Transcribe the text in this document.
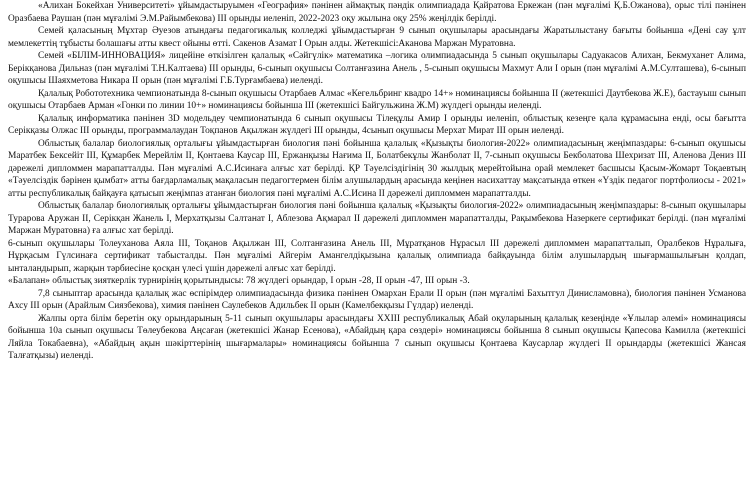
«Алихан Бокейхан Университеті» ұйымдастыруымен «География» пәнінен аймақтық пәндік олимпиадада Қайратова Еркежан (пән мұғалімі Қ.Б.Ожанова), орыс тілі пәнінен Оразбаева Раушан (пән мұғалімі Э.М.Райымбекова) III орынды иеленіп, 2022-2023 оқу жылына оқу 25% жеңілдік берілді.

Семей қаласының Мұхтар Әуезов атындағы педагогикалық колледжі ұйымдастырған 9 сынып оқушылары арасындағы Жаратылыстану бағыты бойынша «Дені сау ұлт мемлекеттің тұбысты болашағы атты квест ойыны өтті. Сакенов Азамат I Орын алды. Жетекшісі:Аканова Маржан Муратовна.

Семей «БІЛІМ-ИННОВАЦИЯ» лицейіне өткізілген қалалық «Сәйгүлік» математика –логика олимпиадасында 5 сынып оқушылары Садуакасов Алихан, Бекмуханет Алима, Берікқанова Дильназ (пән мұғалімі Т.Н.Калтаева) III орынды, 6-сынып оқушысы Солтанғазина Анель , 5-сынып оқушысы Махмут Али I орын (пән мұғалімі А.М.Султашева), 6-сынып оқушысы Шаяхметова Никара II орын (пән мұғалімі Г.Б.Турғамбаева) иеленді.

Қалалық Робототехника чемпионатында 8-сынып оқушысы Отарбаев Алмас «Кегельбринг квадро 14+» номинациясы бойынша II (жетекшісі Даутбекова Ж.Е), бастауыш сынып оқушысы Отарбаев Арман «Гонки по линии 10+» номинациясы бойынша III (жетекшісі Байгульжина Ж.М) жүлдегі орынды иеленді.

Қалалық информатика пәнінен 3D модельдеу чемпионатында 6 сынып оқушысы Тілеқұлы Амир I орынды иеленіп, облыстық кезеңге қала құрамасына енді, осы бағытта Серікқазы Олжас III орынды, программалаудан Тоқпанов Ақылжан жүлдегі III орынды, 4сынып оқушысы Мерхат Мират III орын иеленді.

Облыстық балалар биологиялық орталығы ұйымдастырған биология пәні бойынша қалалық «Қызықты биология-2022» олимпиадасының жеңімпаздары: 6-сынып оқушысы Маратбек Бексейіт III, Құмарбек Мерейлім II, Қонтаева Каусар III, Ержанқызы Нағима II, Болатбекұлы Жанболат II, 7-сынып оқушысы Бекболатова Шехризат III, Аленова Дениз III дәрежелі дипломмен марапатталды. Пән мұғалімі А.С.Исинаға алғыс хат берілді. ҚР Тәуелсіздігінің 30 жылдық мерейтойына орай мемлекет басшысы Қасым-Жомарт Тоқаевтың «Тәуелсіздік бәрінен қымбат» атты бағдарламалық мақаласын педагогтермен білім алушылардың арасында кеңінен насихаттау мақсатында өткен «Үздік педагог портфолиосы - 2021» атты республикалық байқауға қатысып жеңімпаз атанған биология пәні мұғалімі А.С.Исина II дәрежелі дипломмен марапатталды.

Облыстық балалар биологиялық орталығы ұйымдастырған биология пәні бойынша қалалық «Қызықты биология-2022» олимпиадасының жеңімпаздары: 8-сынып оқушылары Турарова Аружан II, Серікқан Жанель I, Мерхатқызы Салтанат I, Аблезова Ақмарал II дәрежелі дипломмен марапатталды, Рақымбекова Назеркеге сертификат берілді. (пән мұғалімі Маржан Муратовна) ға алғыс хат берілді.

6-сынып оқушылары Толеуханова Аяла III, Тоқанов Ақылжан III, Солтанғазина Анель III, Мұратқанов Нұрасыл III дәрежелі дипломмен марапатталып, Оралбеков Нұралыға, Нұрқасым Гүлсинаға сертификат табысталды. Пән мұғалімі Айгерім Амангелдіқызына қалалық олимпиада байқауында білім алушылардың шығармашылығын қолдап, ынталандырып, жарқын тәрбиесіне қосқан үлесі үшін дәрежелі алғыс хат берілді.

«Балапан» облыстық зияткерлік турнирінің қорытындысы: 78 жүлдегі орындар, I орын -28, II орын -47, III орын -3.

7,8 сыныптар арасында қалалық жас өспірімдер олимпиадасында физика пәнінен Омархан Ерали II орын (пән мұғалімі Бахытгул Динисламовна), биология пәнінен Усманова Ахсу III орын (Арайлым Сиязбекова), химия пәнінен Саулебеков Адильбек II орын (Камелбекқызы Гүлдар) иеленді.

Жалпы орта білім беретін оқу орындарының 5-11 сынып оқушылары арасындағы XXIII республикалық Абай оқуларының қалалық кезеңінде «Ұлылар әлемі» номинациясы бойынша 10а сынып оқушысы Төлеубекова Аңсаған (жетекшісі Жанар Есенова), «Абайдың қара сөздері» номинациясы бойынша 8 сынып оқушысы Қапесова Камилла (жетекшісі Ляйла Токабаевна), «Абайдың ақын шәкірттерінің шығармалары» номинациясы бойынша 7 сынып оқушысы Қонтаева Каусарлар жүлдегі II орындарды (жетекшісі Жансая Талғатқызы) иеленді.
